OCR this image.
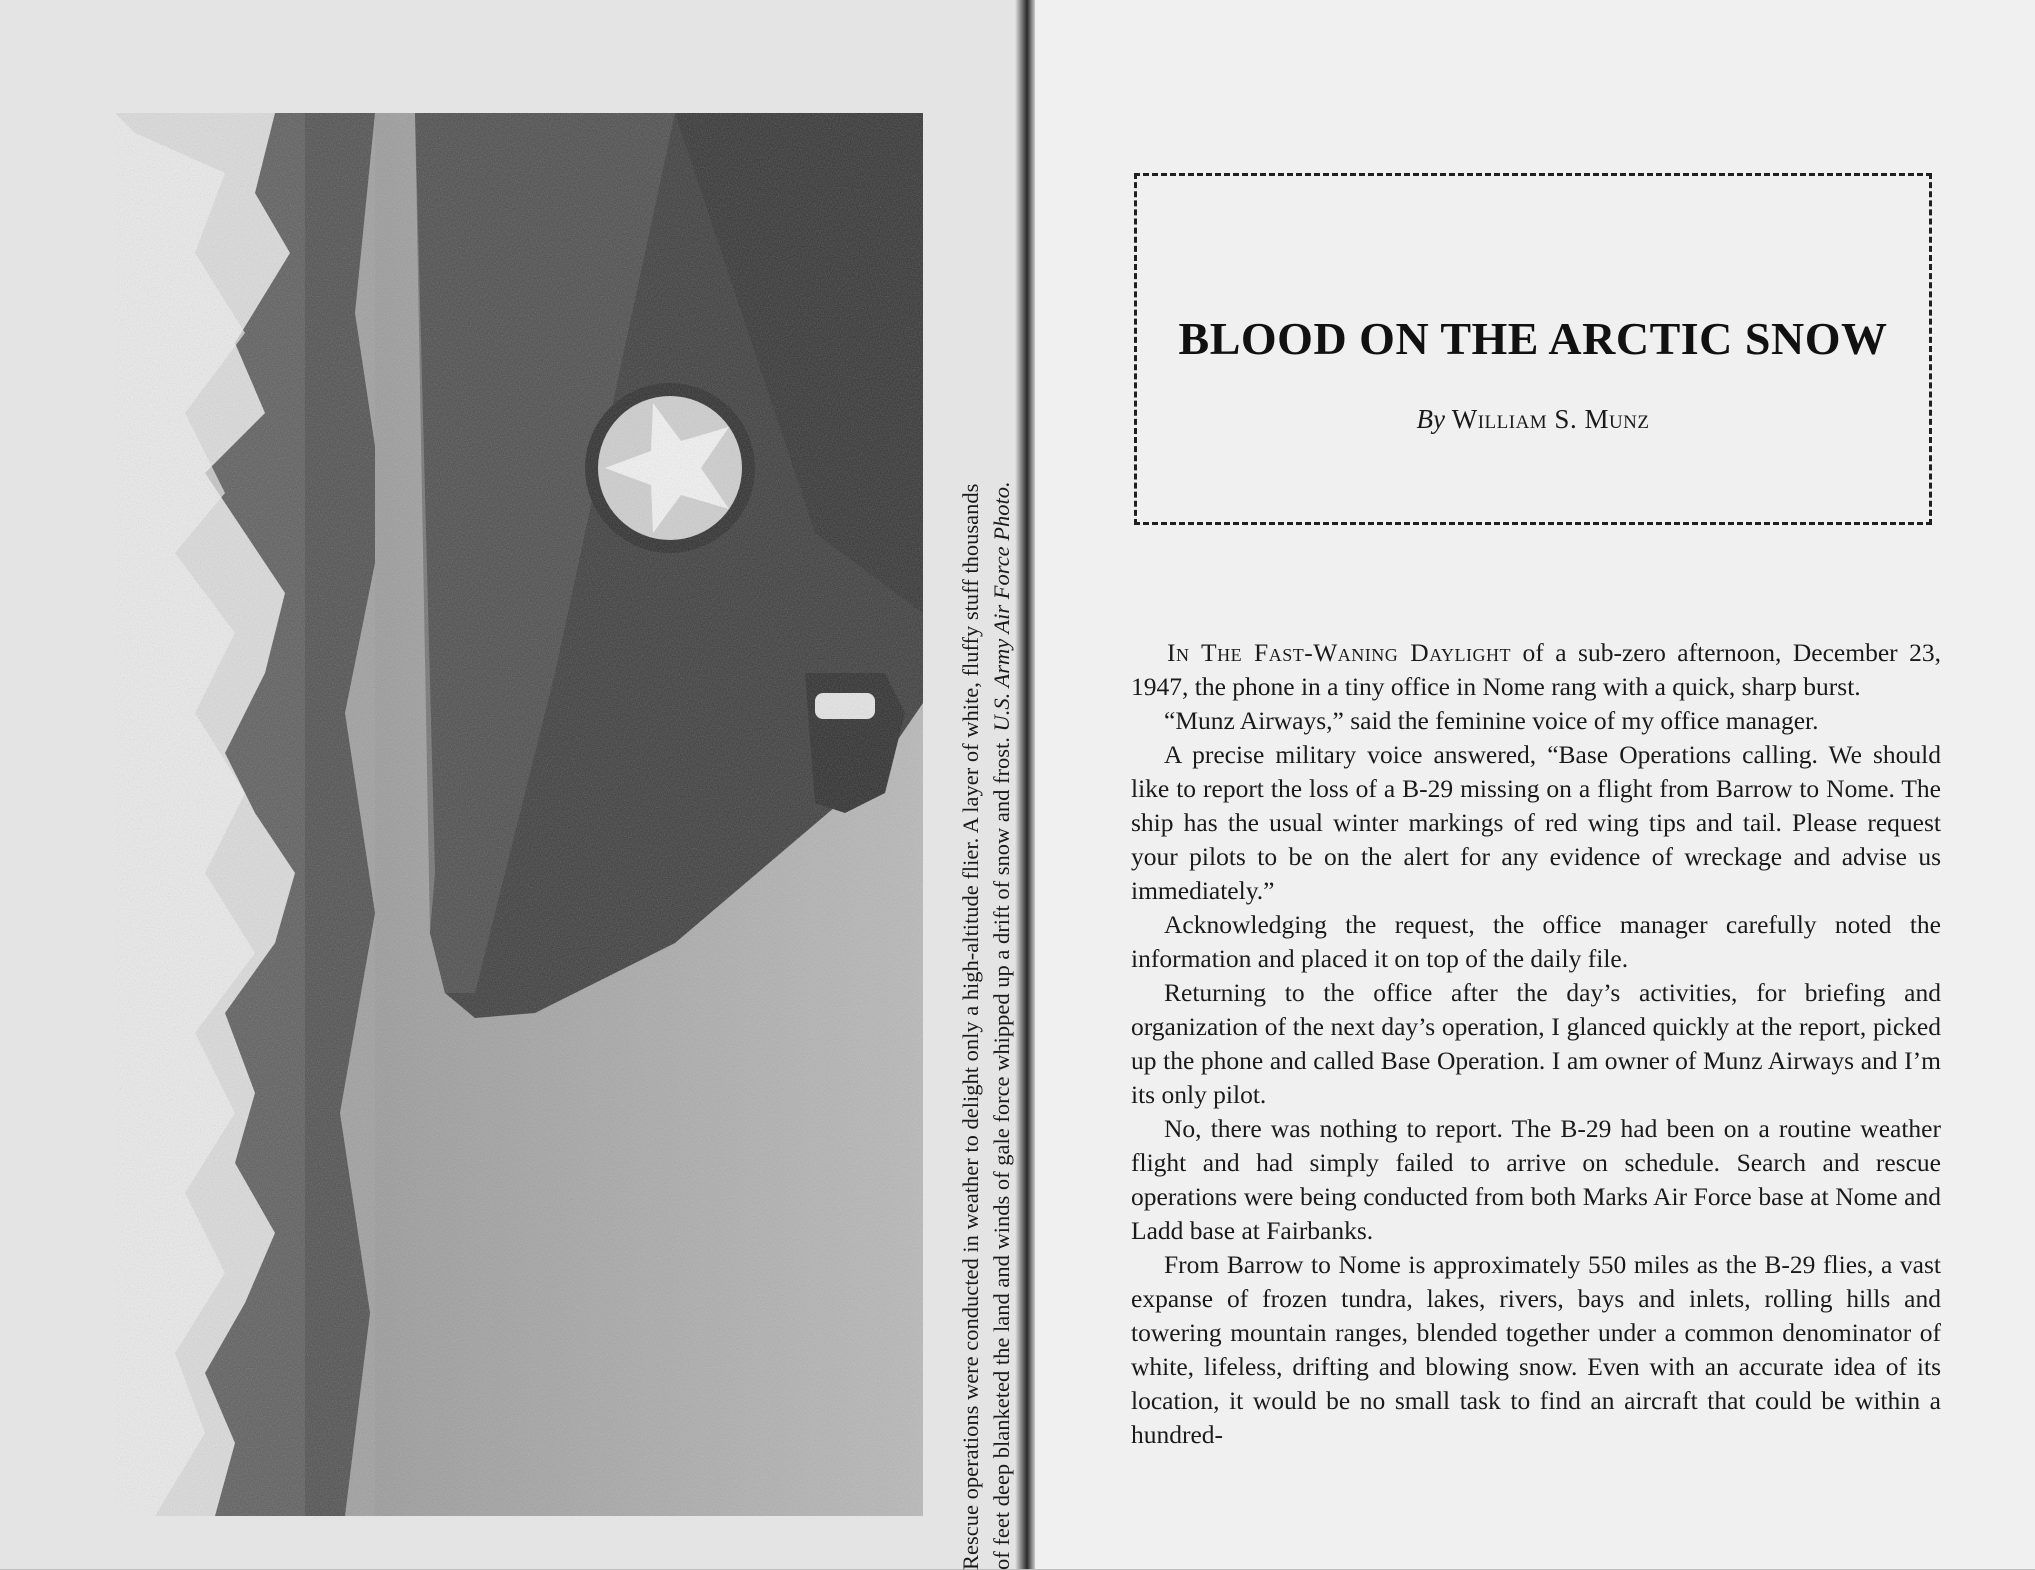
Rescue operations were conducted in weather to delight only a high-altitude flier. A layer of white, fluffy stuff thousands of feet deep blanketed the land and winds of gale force whipped up a drift of snow and frost. U.S. Army Air Force Photo.
BLOOD ON THE ARCTIC SNOW
By William S. Munz

In The Fast-Waning Daylight of a sub-zero afternoon, December 23, 1947, the phone in a tiny office in Nome rang with a quick, sharp burst.

“Munz Airways,” said the feminine voice of my office manager.

A precise military voice answered, “Base Operations calling. We should like to report the loss of a B-29 missing on a flight from Barrow to Nome. The ship has the usual winter markings of red wing tips and tail. Please request your pilots to be on the alert for any evidence of wreckage and advise us immediately.”

Acknowledging the request, the office manager carefully noted the information and placed it on top of the daily file.

Returning to the office after the day’s activities, for briefing and organization of the next day’s operation, I glanced quickly at the report, picked up the phone and called Base Operation. I am owner of Munz Airways and I’m its only pilot.

No, there was nothing to report. The B-29 had been on a routine weather flight and had simply failed to arrive on schedule. Search and rescue operations were being conducted from both Marks Air Force base at Nome and Ladd base at Fairbanks.

From Barrow to Nome is approximately 550 miles as the B-29 flies, a vast expanse of frozen tundra, lakes, rivers, bays and inlets, rolling hills and towering mountain ranges, blended together under a common denominator of white, lifeless, drifting and blowing snow. Even with an accurate idea of its location, it would be no small task to find an aircraft that could be within a hundred-
